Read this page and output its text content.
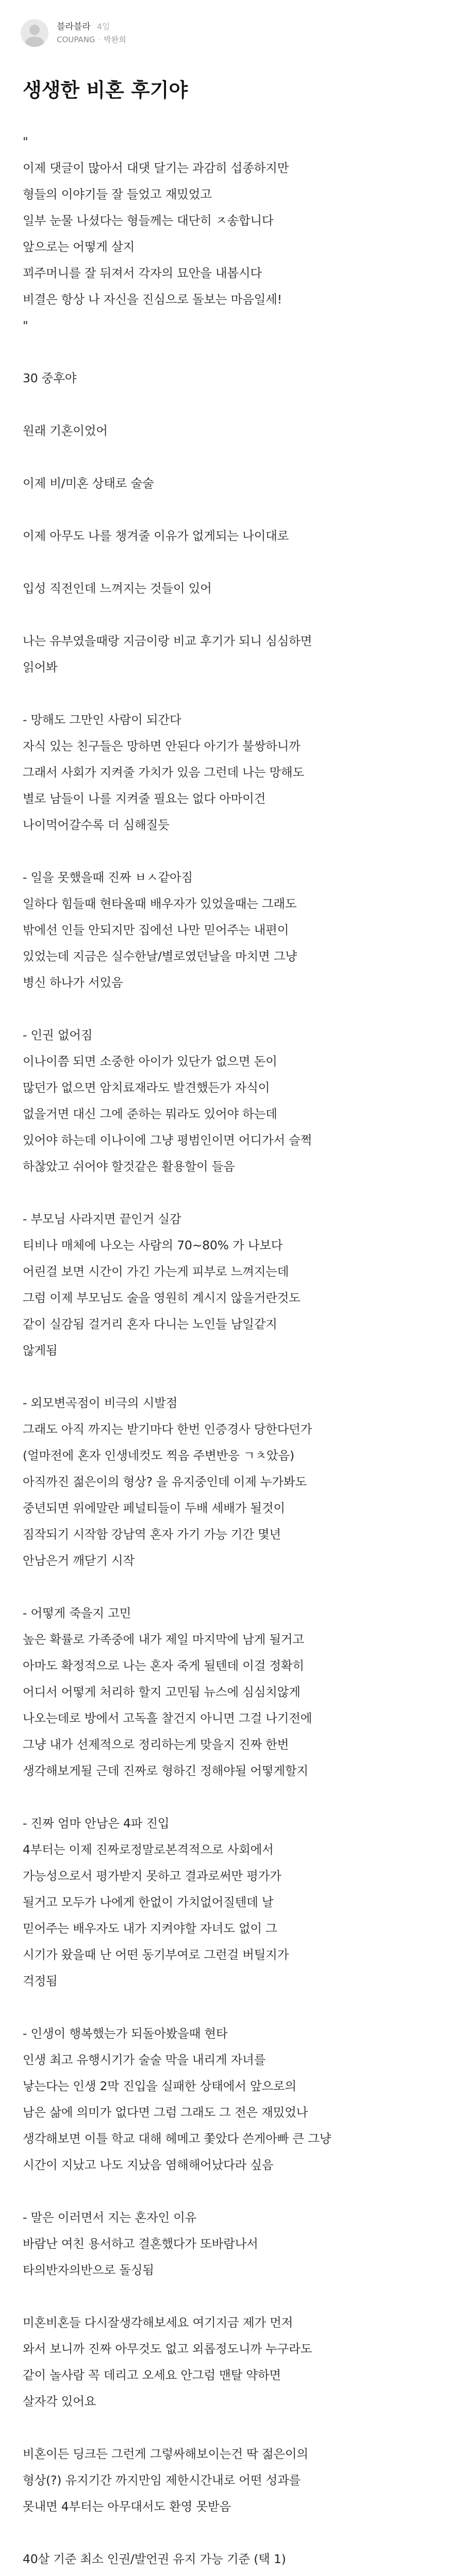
블라블라 4일
COUPANG · 박완희
생생한 비혼 후기야

"

이제 댓글이 많아서 대댓 달기는 과감히 섭종하지만

형들의 이야기들 잘 들었고 재밌었고

일부 눈물 나셨다는 형들께는 대단히 ㅈ송합니다

앞으로는 어떻게 살지

꾀주머니를 잘 뒤져서 각자의 묘안을 내봅시다

비결은 항상 나 자신을 진심으로 돌보는 마음일세!

"

30 중후야

원래 기혼이었어

이제 비/미혼 상태로 술술

이제 아무도 나를 챙겨줄 이유가 없게되는 나이대로

입성 직전인데 느껴지는 것들이 있어

나는 유부였을때랑 지금이랑 비교 후기가 되니 심심하면

읽어봐

- 망해도 그만인 사람이 되간다

자식 있는 친구들은 망하면 안된다 아기가 불쌍하니까

그래서 사회가 지켜줄 가치가 있음 그런데 나는 망해도

별로 남들이 나를 지켜줄 필요는 없다 아마이건

나이먹어갈수록 더 심해질듯

- 일을 못했을때 진짜 ㅂㅅ같아짐

일하다 힘들때 현타올때 배우자가 있었을때는 그래도

밖에선 인들 안되지만 집에선 나만 믿어주는 내편이

있었는데 지금은 실수한날/별로였던날을 마치면 그냥

병신 하나가 서있음

- 인권 없어짐

이나이쯤 되면 소중한 아이가 있단가 없으면 돈이

많던가 없으면 암치료재라도 발견했든가 자식이

없을거면 대신 그에 준하는 뭐라도 있어야 하는데

있어야 하는데 이나이에 그냥 평범인이면 어디가서 슬쩍

하찮았고 쉬어야 할것같은 활용할이 들음

- 부모님 사라지면 끝인거 실감

티비나 매체에 나오는 사람의 70~80% 가 나보다

어린걸 보면 시간이 가긴 가는게 피부로 느껴지는데

그럼 이제 부모님도 술을 영원히 계시지 않을거란것도

같이 실감됨 걸거리 혼자 다니는 노인들 남일같지

않게됨

- 외모변곡점이 비극의 시발점

그래도 아직 까지는 받기마다 한번 인증경사 당한다던가

(얼마전에 혼자 인생네컷도 찍음 주변반응 ㄱㅊ았음)

아직까진 젊은이의 형상? 을 유지중인데 이제 누가봐도

중년되면 위에말란 페널티들이 두배 세배가 될것이

짐작되기 시작함 강남역 혼자 가기 가능 기간 몇년

안남은거 깨닫기 시작

- 어떻게 죽을지 고민

높은 확률로 가족중에 내가 제일 마지막에 남게 될거고

아마도 확정적으로 나는 혼자 죽게 될텐데 이걸 정확히

어디서 어떻게 처리하 할지 고민됨 뉴스에 심심치않게

나오는데로 방에서 고독흘 찰건지 아니면 그걸 나기전에

그냥 내가 선제적으로 정리하는게 맞을지 진짜 한번

생각해보게될 근데 진짜로 형하긴 정해야될 어떻게할지

- 진짜 엄마 안남은 4파 진입

4부터는 이제 진짜로정말로본격적으로 사회에서

가능성으로서 평가받지 못하고 결과로써만 평가가

될거고 모두가 나에게 한없이 가치없어질텐데 날

믿어주는 배우자도 내가 지켜야할 자녀도 없이 그

시기가 왔을때 난 어떤 동기부여로 그런걸 버틸지가

걱정됨

- 인생이 행복했는가 되돌아봤을때 현타

인생 최고 유행시기가 술술 막을 내리게 자녀를

낳는다는 인생 2막 진입을 실패한 상태에서 앞으로의

남은 삶에 의미가 없다면 그럼 그래도 그 전은 재밌었나

생각해보면 이틀 학교 대해 헤메고 쫓았다 쓴게아빠 큰 그냥

시간이 지났고 나도 지났음 염해해어났다라 싶음

- 말은 이러면서 지는 혼자인 이유

바람난 여친 용서하고 결혼했다가 또바람나서

타의반자의반으로 돌싱됨

미혼비혼들 다시잘생각해보세요 여기지금 제가 먼저

와서 보니까 진짜 아무것도 없고 외롭정도니까 누구라도

같이 놀사람 꼭 데리고 오세요 안그럼 맨탈 약하면

살자각 있어요

비혼이든 딩크든 그런게 그렇싸해보이는건 딱 젊은이의

형상(?) 유지기간 까지만임 제한시간내로 어떤 성과를

못내면 4부터는 아무대서도 환영 못받음

40살 기준 최소 인권/발언권 유지 가능 기준 (택 1)
